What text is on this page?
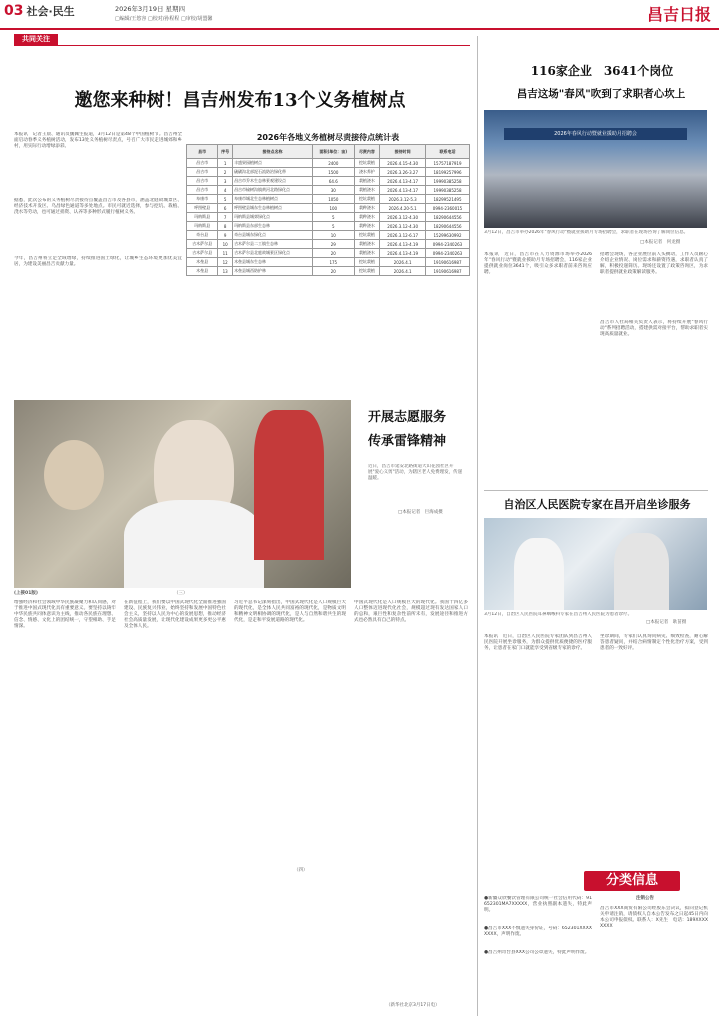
03 社会·民生	2026年3月19日 星期四
□编辑/王悠容 □校对/孙程程 □审校/胡盟馨	昌吉日报
共同关注
邀您来种树！昌吉州发布13个义务植树点
本报讯　记者王晨、通讯员魏佩生报道，3月12日是第48个中国植树节。昌吉州全面启动春季义务植树活动，发布13处义务植树尽责点，号召广大市民走进城郊和乡村，用实际行动增绿添彩。
据悉，此次公布的义务植树尽责接待点覆盖昌吉市及各县市，涵盖北庭故城景区、经济技术开发区、乌昌绿色通道等多处地点。市民可就近选择，参与挖坑、栽植、浇水等劳动，也可通过捐资、认养等多种形式履行植树义务。
今年，昌吉州将立足全域增绿，持续推进国土绿化，让城乡生态环境更加优美宜居，为建设美丽昌吉贡献力量。
2026年各地义务植树尽责接待点统计表
县市	序号	接待点名称	面积(单位：亩)	尽责内容	接待时间	联系电话
昌吉市	1	丰盛果园植树点	2400	挖坑栽植	2026.4.15-4.30	15757187919
昌吉市	2	硫磺沟北部泥石流防治绿化带	1500	浇水养护	2026.3.26-3.27	18199257996
昌吉市	3	昌吉市乔木生态林景观建设点	64.6	栽植浇水	2026.4.13-4.17	19990385258
昌吉市	4	昌吉市榆树沟镇黄河北路绿化点	30	栽植浇水	2026.4.13-4.17	19990385258
阜康市	5	阜康市城北生态林植树点	1050	挖坑栽植	2026.3.12-5.3	18299521495
呼图壁县	6	呼图壁县城东生态林植树点	100	栽种浇水	2026.4.20-5.1	0994-2360015
玛纳斯县	7	玛纳斯县城郊绿化点	5	栽种浇水	2026.3.12-4.30	18290644556
玛纳斯县	8	玛纳斯县东部生态林	5	栽种浇水	2026.3.12-4.30	18290644556
奇台县	9	奇台县城东绿化点	10	挖坑栽植	2026.3.12-6.17	15299630992
吉木萨尔县	10	吉木萨尔县二工镇生态林	29	栽植浇水	2026.4.13-4.19	0994-2340263
吉木萨尔县	11	吉木萨尔县北庭故城景区绿化点	20	栽植浇水	2026.4.13-4.19	0994-2340263
木垒县	12	木垒县城东生态林	175	挖坑栽植	2026.4.1	19190616987
木垒县	13	木垒县城西防护林	20	挖坑栽植	2026.4.1	19190616987
开展志愿服务
传承雷锋精神
近日，昌吉市延安北路街道大山花园社区开展"爱心义剪"活动，为辖区老人免费理发，传递温暖。
□本报记者　巨海成摄
(上接01版)
增强经济和社会领域中华民族凝聚力和认同感，对于推进中国式现代化具有重要意义。要坚持以铸牢中华民族共同体意识为主线，推动各民族在理想、信念、情感、文化上的团结统一，守望相助、手足情深。
（三）
在新征程上，我们要以中国式现代化全面推进强国建设、民族复兴伟业，始终坚持和发展中国特色社会主义，坚持以人民为中心的发展思想，推动经济社会高质量发展，让现代化建设成果更多更公平惠及全体人民。
习近平总书记深刻指出，中国式现代化是人口规模巨大的现代化，是全体人民共同富裕的现代化，是物质文明和精神文明相协调的现代化，是人与自然和谐共生的现代化，是走和平发展道路的现代化。
（四）
中国式现代化是人口规模巨大的现代化。我国十四亿多人口整体迈进现代化社会，规模超过现有发达国家人口的总和，艰巨性和复杂性前所未有，发展途径和推进方式也必然具有自己的特点。
（新华社北京3月17日电）
116家企业　3641个岗位
昌吉这场"春风"吹到了求职者心坎上
2026年春风行动暨就业援助月招聘会
3月12日，昌吉市举办2026年"春风行动"暨就业援助月专场招聘会，求职者在现场咨询了解岗位信息。
□本报记者　何龙摄
本报讯　近日，昌吉市在人力资源市场举办2026年"春风行动"暨就业援助月专场招聘会，116家企业提供就业岗位3641个，吸引众多求职者前来咨询应聘。
招聘会现场，各企业展位前人头攒动，工作人员耐心介绍企业情况、岗位需求和薪资待遇，求职者认真了解，积极投递简历。现场还设置了政策咨询区，为求职者提供就业政策解读服务。
昌吉市人社局相关负责人表示，将持续开展"春风行动"系列招聘活动，搭建供需对接平台，帮助求职者实现高质量就业。
自治区人民医院专家在昌开启坐诊服务
3月12日，自治区人民医院耳鼻咽喉科专家在昌吉州人民医院为患者诊疗。
□本报记者　耿苗摄
本报讯　近日，自治区人民医院专家团队到昌吉州人民医院开展坐诊服务，为群众提供优质便捷的医疗服务，让患者在家门口就能享受到省级专家的诊疗。
坐诊期间，专家们认真询问病史、细致检查，耐心解答患者疑问，并结合病情制定个性化治疗方案，受到患者的一致好评。
分类信息
●新疆众欣餐饮管理有限公司统一社会信用代码：91652301MA7XXXXX，营业执照副本遗失，特此声明。
●昌吉市XXX不慎遗失身份证，号码：652301XXXXXXXX，声明作废。
●昌吉州奇台县XXX公司公章遗失，特此声明作废。
注销公告
昌吉市XXX商贸有限公司经股东会决议，拟向登记机关申请注销，请债权人自本公告发布之日起45日内向本公司申报债权。联系人：X先生　电话：189XXXXXXXX
